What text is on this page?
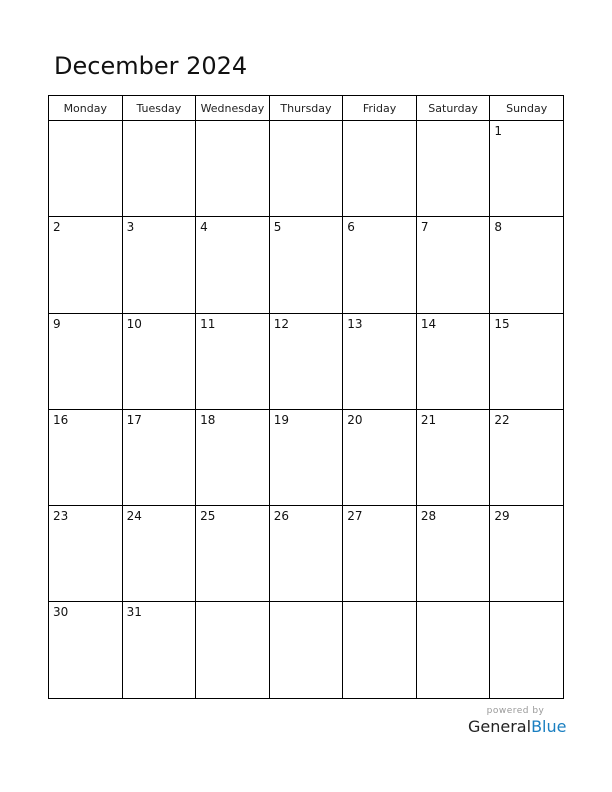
December 2024
Monday	Tuesday	Wednesday	Thursday	Friday	Saturday	Sunday

						1

2	3	4	5	6	7	8

9	10	11	12	13	14	15

16	17	18	19	20	21	22

23	24	25	26	27	28	29

30	31					

powered by
GeneralBlue
